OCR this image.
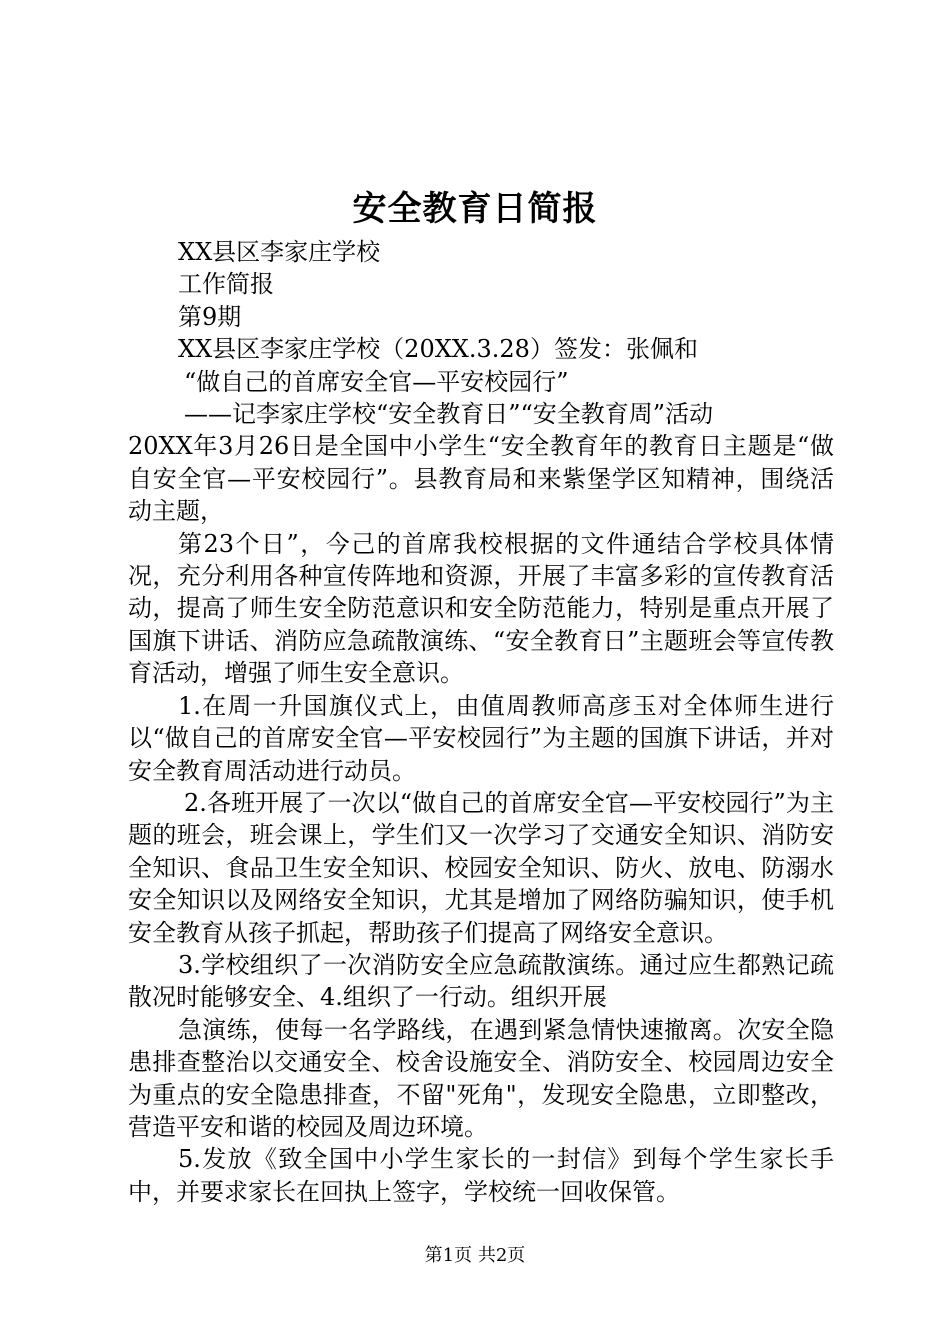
安全教育日简报

XX县区李家庄学校

工作简报

第9期

XX县区李家庄学校（20XX.3.28）签发：张佩和

“做自己的首席安全官—平安校园行”

——记李家庄学校“安全教育日”“安全教育周”活动

20XX年3月26日是全国中小学生“安全教育年的教育日主题是“做自安全官—平安校园行”。县教育局和来紫堡学区知精神，围绕活动主题，

第23个日”，今己的首席我校根据的文件通结合学校具体情况，充分利用各种宣传阵地和资源，开展了丰富多彩的宣传教育活动，提高了师生安全防范意识和安全防范能力，特别是重点开展了国旗下讲话、消防应急疏散演练、“安全教育日”主题班会等宣传教育活动，增强了师生安全意识。

1.在周一升国旗仪式上，由值周教师高彦玉对全体师生进行以“做自己的首席安全官—平安校园行”为主题的国旗下讲话，并对安全教育周活动进行动员。

2.各班开展了一次以“做自己的首席安全官—平安校园行”为主题的班会，班会课上，学生们又一次学习了交通安全知识、消防安全知识、食品卫生安全知识、校园安全知识、防火、放电、防溺水安全知识以及网络安全知识，尤其是增加了网络防骗知识，使手机安全教育从孩子抓起，帮助孩子们提高了网络安全意识。

3.学校组织了一次消防安全应急疏散演练。通过应生都熟记疏散况时能够安全、4.组织了一行动。组织开展

急演练，使每一名学路线，在遇到紧急情快速撤离。次安全隐患排查整治以交通安全、校舍设施安全、消防安全、校园周边安全为重点的安全隐患排查，不留"死角"，发现安全隐患，立即整改，营造平安和谐的校园及周边环境。

5.发放《致全国中小学生家长的一封信》到每个学生家长手中，并要求家长在回执上签字，学校统一回收保管。

第1页 共2页
